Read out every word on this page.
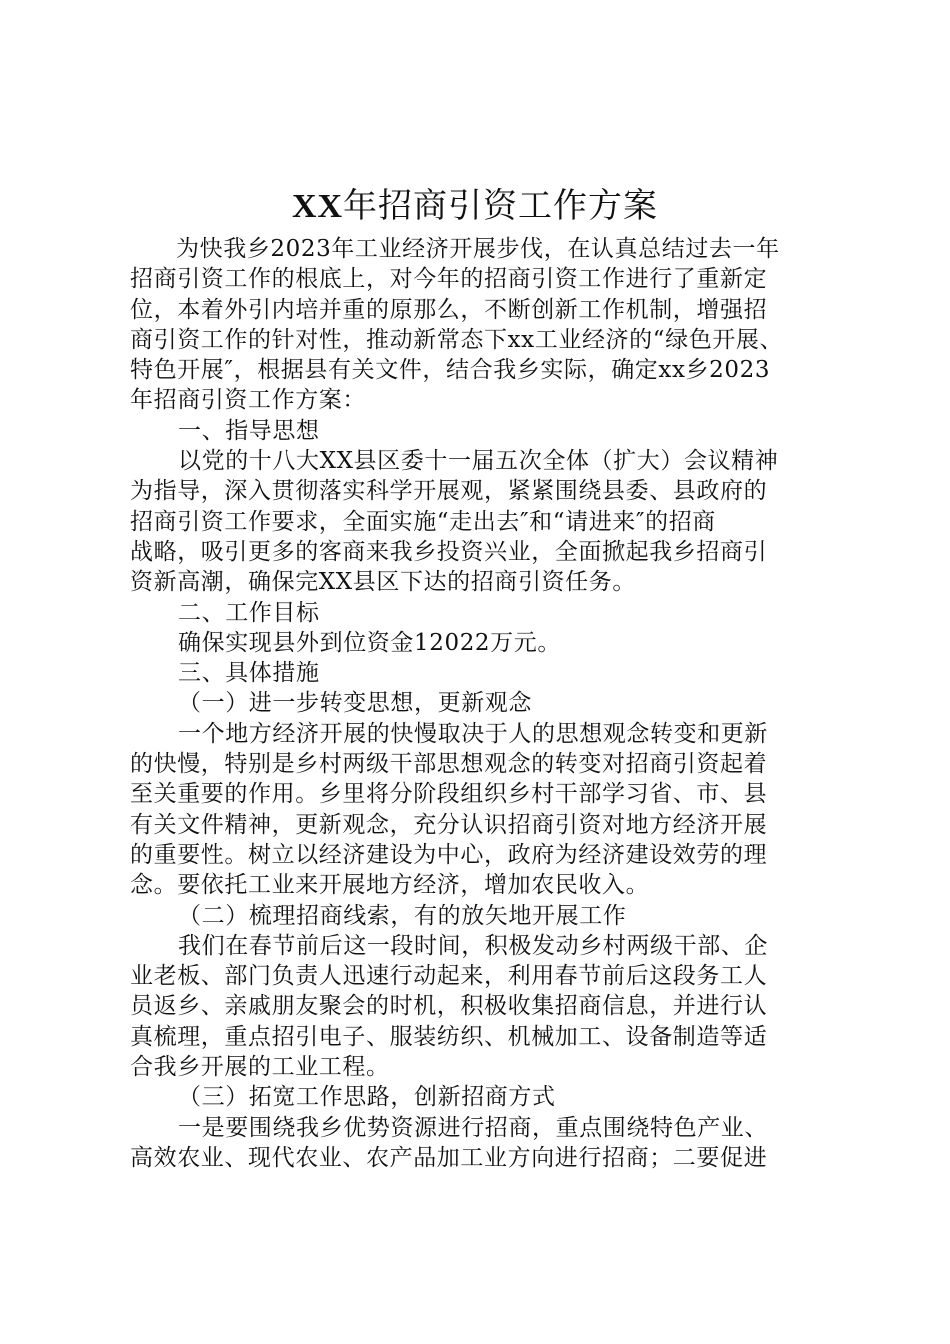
XX年招商引资工作方案
为快我乡2023年工业经济开展步伐，在认真总结过去一年
招商引资工作的根底上，对今年的招商引资工作进行了重新定
位，本着外引内培并重的原那么，不断创新工作机制，增强招
商引资工作的针对性，推动新常态下xx工业经济的“绿色开展、
特色开展″，根据县有关文件，结合我乡实际，确定xx乡2023
年招商引资工作方案：
一、指导思想
以党的十八大XX县区委十一届五次全体（扩大）会议精神
为指导，深入贯彻落实科学开展观，紧紧围绕县委、县政府的
招商引资工作要求，全面实施“走出去″和“请进来″的招商
战略，吸引更多的客商来我乡投资兴业，全面掀起我乡招商引
资新高潮，确保完XX县区下达的招商引资任务。
二、工作目标
确保实现县外到位资金12022万元。
三、具体措施
（一）进一步转变思想，更新观念
一个地方经济开展的快慢取决于人的思想观念转变和更新
的快慢，特别是乡村两级干部思想观念的转变对招商引资起着
至关重要的作用。乡里将分阶段组织乡村干部学习省、市、县
有关文件精神，更新观念，充分认识招商引资对地方经济开展
的重要性。树立以经济建设为中心，政府为经济建设效劳的理
念。要依托工业来开展地方经济，增加农民收入。
（二）梳理招商线索，有的放矢地开展工作
我们在春节前后这一段时间，积极发动乡村两级干部、企
业老板、部门负责人迅速行动起来，利用春节前后这段务工人
员返乡、亲戚朋友聚会的时机，积极收集招商信息，并进行认
真梳理，重点招引电子、服装纺织、机械加工、设备制造等适
合我乡开展的工业工程。
（三）拓宽工作思路，创新招商方式
一是要围绕我乡优势资源进行招商，重点围绕特色产业、
高效农业、现代农业、农产品加工业方向进行招商；二要促进
